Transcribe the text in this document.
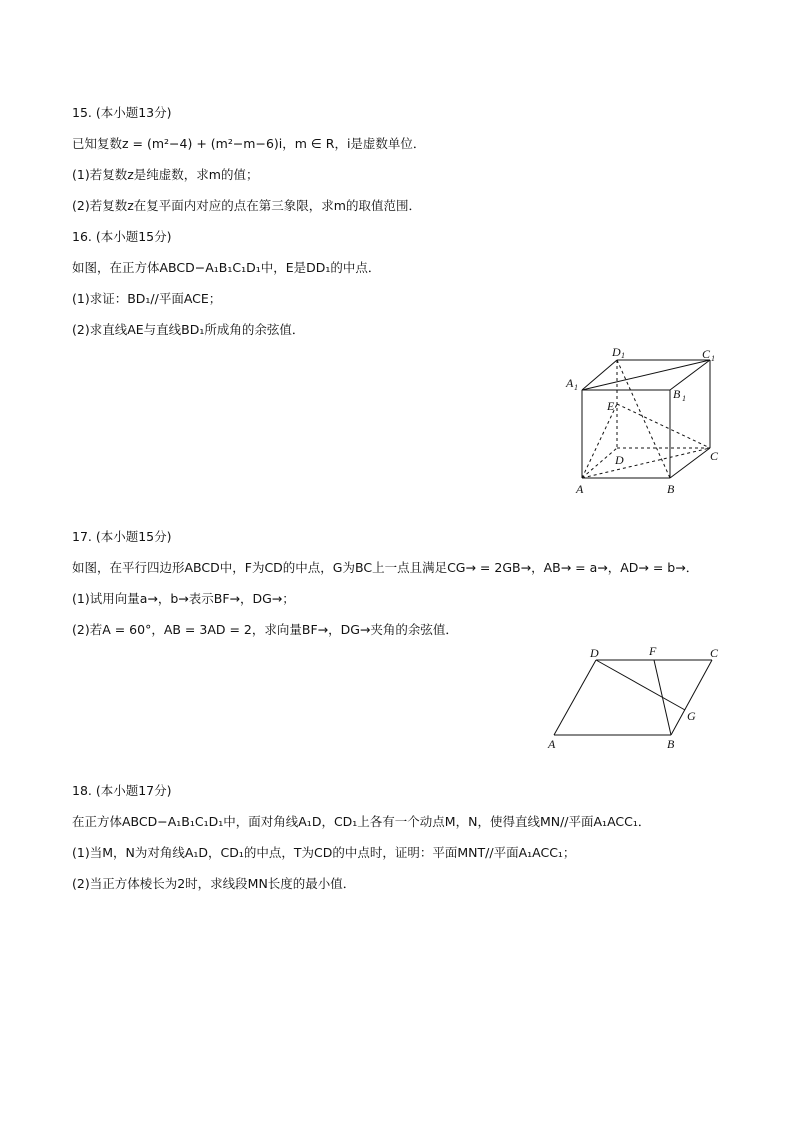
15. (本小题13分)
已知复数z = (m²−4) + (m²−m−6)i，m ∈ R，i是虚数单位．
(1)若复数z是纯虚数，求m的值；
(2)若复数z在复平面内对应的点在第三象限，求m的取值范围．
16. (本小题15分)
如图，在正方体ABCD−A₁B₁C₁D₁中，E是DD₁的中点．
(1)求证：BD₁//平面ACE；
(2)求直线AE与直线BD₁所成角的余弦值．
D 1	C 1
A 1	B 1
E
D	C
A	B
17. (本小题15分)
如图，在平行四边形ABCD中，F为CD的中点，G为BC上一点且满足CG→ = 2GB→，AB→ = a→，AD→ = b→．
(1)试用向量a→，b→表示BF→，DG→；
(2)若A = 60°，AB = 3AD = 2，求向量BF→，DG→夹角的余弦值．
D	F	C
G
A	B
18. (本小题17分)
在正方体ABCD−A₁B₁C₁D₁中，面对角线A₁D，CD₁上各有一个动点M，N，使得直线MN//平面A₁ACC₁．
(1)当M，N为对角线A₁D，CD₁的中点，T为CD的中点时，证明：平面MNT//平面A₁ACC₁；
(2)当正方体棱长为2时，求线段MN长度的最小值．
